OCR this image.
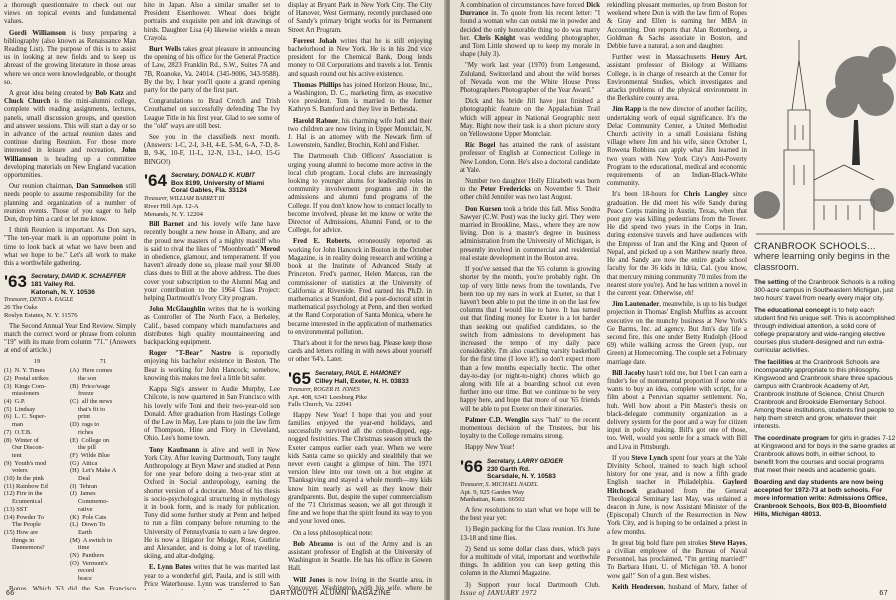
a thorough questionnaire to check out our views on topical events and fundamental values.

Gordi Williamson is busy preparing a bibliography (also known as Renaissance Man Reading List). The purpose of this is to assist us in looking at new fields and to keep us abreast of the growing literature in those areas where we once were knowledgeable, or thought so.

A great idea being created by Bob Katz and Chuck Church is the mini-alumni college, complete with reading assignments, lectures, panels, small discussion groups, and question and answer sessions. This will start a day or so in advance of the actual reunion dates and continue during Reunion. For those more interested in leisure and recreation, John Williamson is heading up a committee developing materials on New England vacation opportunities.

Our reunion chairman, Dan Samuelson still needs people to assume responsibility for the planning and organization of a number of reunion events. Those of you eager to help Don, drop him a card or let me know.

I think Reunion is important. As Don says, "The ten-year mark is an opportune point in time to look back at what we have been and what we hope to be." Let's all work to make this a worthwhile gathering.

'63 Secretary, DAVID K. SCHAEFFER
181 Valley Rd.
Katonah, N. Y. 10536
Treasurer, DENIS A. EAGLE
26 The Oaks
Roslyn Estates, N. Y. 11576

The Second Annual Year End Review. Simply match the correct word or phrase from column "19" with its mate from column "71." (Answers at end of article.)

19	71
(1)  N. Y. Times	(A)  Here comes
(2)  Postal strikes	the son
(3)  Kings Com-	(B)  Price/wage
missioners	freeze
(4)  G.P.	(C)  all the news
(5)  Lindsay	that's fit to
(6)  L. C. Super-	print
man	(D)  rags to
(7)  O.T.B.	riches
(8)  Winter of	(E)  College on
Our Discon-	the pill
tent	(F)  Wilde Blue
(9)  Youth's mod	(G)  Attica
voters	(H)  Let's Make A
(10) In the pink	Deal
(11) Rainbow Ed	(I)  Tehran
(12) Fire in the	(J)  James
Ecumenical	Commemo-
(13) SST	rative
(14) Powder To	(K)  Pole Cats
The People	(L)  Down To
(15) How are	Earth
things in	(M)  A switch in
Dannemora?	time
(N)  Panthers
(O)  Vermont's
record
brace

Bonus. Which '63 did the San Francisco

hito in Japan. Also a similar smaller set to President Eisenhower. Wheat does bright portraits and exquisite pen and ink drawings of birds. Daughter Lisa (4) likewise wields a mean Crayola.

Burt Wells takes great pleasure in announcing the opening of his office for the General Practice of Law, 2823 Franklin Rd., S.W., Suites 7A and 7B, Roanoke, Va. 24014. (345-9006, 343-9588). By the by, I hear you'll quote a grand opening party for the party of the first part.

Congratulations to Brad Crotch and Trish Crouthamel on successfully defending The Ivy League Title in his first year. Glad to see some of the "old" ways are still best.

See you in the classifieds next month. (Answers: 1-C, 2-I, 3-H, 4-E, 5-M, 6-A, 7-D, 8-B, 9-K, 10-F, 11-L, 12-N, 13-L, 14-O, 15-G BINGO!)

'64 Secretary, DONALD K. KUBIT
Box 8199, University of Miami
Coral Gables, Fla. 33124
Treasurer, WILLIAM BARRET III
River Hill Apt. 12-A
Menands, N. Y. 12204

Bill Barnet and his lovely wife Jane have recently bought a new house in Albany, and are the proud new masters of a mighty mastiff who is said to rival the likes of "Moonbreath" Merod in obedience, glamour, and temperament. If you haven't already done so, please mail your $8.00 class dues to Bill at the above address. The dues cover your subscription to the Alumni Mag and your contribution to the 1964 Class Project: helping Dartmouth's Ivory City program.

John McGlaughlin writes that he is working as Controller of The North Face, a Berkeley, Calif., based company which manufactures and distributes high quality mountaineering and backpacking equipment.

Roger "T-Bear" Nastro is reportedly enjoying his bachelor existence in Boston. The Bear is working for John Hancock; somehow, knowing this makes me feel a little bit safer.

Kappa Sig's answer to Audie Murphy, Lee Chilcote, is now quartered in San Francisco with his lovely wife Toni and their two-year-old son Donald. After graduation from Hastings College of the Law in May, Lee plans to join the law firm of Thompson, Hine and Flory in Cleveland, Ohio. Lee's home town.

Tony Kaufmann is alive and well in New York City. After leaving Dartmouth, Tony taught Anthropology at Bryn Mawr and studied at Penn for one year before doing a two-year stint at Oxford in Social anthropology, earning the shorter version of a doctorate. Most of his thesis is socio-psychological structuring in mythology it in book form, and is ready for publication. Tony did some further study at Penn and helped to run a film company before returning to the University of Pennsylvania to earn a law degree. He is now a litigator for Mudge, Rose, Guthrie and Alexander, and is doing a lot of traveling, skiing, and altar-dodging.

E. Lynn Bates writes that he was married last year to a wonderful girl, Paula, and is still with Price Waterhouse. Lynn was transferred to San

display at Bryant Park in New York City. The City of Hanover, West Germany, recently purchased one of Sandy's primary bright works for its Permanent Street Art Program.

Forrest Johah writes that he is still enjoying bachelorhood in New York. He is in his 2nd vice president for the Chemical Bank, Doug lends money to Oil Corporations and travels a lot. Tennis and squash round out his active existence.

Thomas Phillips has joined Horizon House, Inc., a Washington, D. C., marketing firm, as executive vice president. Tom is married to the former Kathryn S. Bamford and they live in Bethesda.

Harold Rabner, his charming wife Judi and their two children are now living in Upper Montclair, N. J. Hal is an attorney with the Newark firm of Lowenstein, Sandler, Brochin, Kohl and Fisher.

The Dartmouth Club Officers' Association is urging young alumni to become more active in the local club program. Local clubs are increasingly looking to younger alums for leadership roles in community involvement programs and in the admissions and alumni fund programs of the College. If you don't know how to contact locally to become involved, please let me know or write the Director of Admissions, Alumni Fund, or to the College, for advice.

Fred E. Roberts, erroneously reported as working for John Hancock in Boston in the October Magazine, is in reality doing research and writing a book at the Institute of Advanced Study at Princeton. Fred's partner, Helen Marcus, ran the commissioner of statistics at the University of California at Riverside. Fred earned his Ph.D. in mathematics at Stanford, did a post-doctoral stint in mathematical psychology at Penn, and then worked at the Rand Corporation of Santa Monica, where he became interested in the application of mathematics to environmental pollution.

That's about it for the news bag. Please keep those cards and letters rolling in with news about yourself or other '64's. Later.

'65 Secretary, PAUL E. HAMONEY
Cilley Hall, Exeter, N. H. 03833
Treasurer, ROGER H. JONES
Apt. 408, 6341 Leesburg Pike
Falls Church, Va. 22041

Happy New Year! I hope that you and your families enjoyed the year-end holidays, and successfully survived all the cotton-dipped, egg-nogged festivities. The Christmas season struck the Exeter campus earlier each year. When we were kids Santa came so quickly and stealthily that we never even caught a glimpse of him. The 1971 version blew into our town on a hot engine at Thanksgiving and stayed a whole month—my kids know him nearly as well as they know their grandparents. But, despite the super commercialism of the '71 Christmas season, we all got through it fine and we hope that the spirit found its way to you and your loved ones.

On a less philosophical note:

Bob Abramo is out of the Army and is an assistant professor of English at the University of Washington in Seattle. He has his office in Gowen Hall.

Wilf Jones is now living in the Seattle area, in Vancouver, Washington, with his wife, where he

66	DARTMOUTH ALUMNI MAGAZINE

A combination of circumstances have forced Dick Durrance in. To quote from his recent letter: "I found a woman who can outski me in powder and decided the only honorable thing to do was marry her. Chris Knight was wedding photographer, and Tom Little showed up to keep my morale in shape (July 3).

"My work last year (1970) from Lengesund, Zululand, Switzerland and about the wild horses of Nevada won me the White House Press Photographers Photographer of the Year Award."

Dick and his bride Jill have just finished a photographic feature on the Appalachian Trail which will appear in National Geographic next May. Right now their task is a short picture story on Yellowstone Upper Montclair.

Ric Bogel has attained the rank of assistant professor of English at Connecticut College in New London, Conn. He's also a doctoral candidate at Yale.

Number two daughter Holly Elizabeth was born to the Peter Fredericks on November 9. Their other child Jennifer was two last August.

Don Kursen took a bride this fall. Miss Sondra Sawyer (C.W. Post) was the lucky girl. They were married in Brookline, Mass., where they are now living. Don is a master's degree in business administration from the University of Michigan, is presently involved in commercial and residential real estate development in the Boston area.

If you've sensed that the '65 column is growing shorter by the month, you're probably right. On top of very little news from the townlands, I've been too up my ears in work at Exeter, so that I haven't been able to put the time in on the last few columns that I would like to have. It has turned out that finding money for Exeter is a lot harder than seeking out qualified candidates, so the switch from admissions to development has increased the tempo of my daily pace considerably. I'm also coaching varsity basketball for the first time (I love it!), so don't expect more than a few months especially hectic. The other day-to-day (or night-to-night) chores which go along with life at a boarding school cut even further into our time. But we continue to be very happy here, and hope that more of our '65 friends will be able to put Exeter on their itineraries.

Palmer C.D. Wenglin says "hah" to the recent momentous decision of the Trustees, but his loyalty to the College remains strong.

Happy New Year!

'66 Secretary, LARRY GEIGER
230 Garth Rd.
Scarsdale, N. Y. 10583
Treasurer, S. MICHAEL NADEL
Apt. 9, 925 Garden Way
Manhattan, Kans. 66502

A few resolutions to start what we hope will be the best year yet:

1) Begin packing for the Class reunion. It's June 13-18 and time flies.

2) Send us some dollar class dues, which pays for a multitude of vital, important and worthwhile things. In addition you can keep getting this column in the Alumni Magazine.

3) Support your local Dartmouth Club.

rekindling pleasant memories, up from Boston for weekend where Don is with the law firm of Ropes & Gray and Ellen is earning her MBA in Accounting. Don reports that Alan Rottenberg, a Goldman & Sachs associate in Boston, and Debbie have a natural, a son and daughter.

Further west in Massachusetts Henry Art, assistant professor of Biology at Williams College, is in charge of research at the Center for Environmental Studies, which investigates and attacks problems of the physical environment in the Berkshire county area.

Jim Rapp is the new director of another facility, undertaking work of equal significance. It's the Delac Community Center, a United Methodist Church activity in a small Louisiana fishing village where Jim and his wife, since October 1, Rowena Robbins can apply what Jim learned in two years with New York City's Anti-Poverty Program to the educational, medical and economic requirements of an Indian-Black-White community.

It's been 18-hours for Chris Langley since graduation. He did meet his wife Sandy during Peace Corps training in Austin, Texas, when that poor guy was killing pedestrians from the Tower. He did spend two years in the Corps in Iran, during extensive travels and have audiences with the Empress of Iran and the King and Queen of Nepal, and picked up a son Matthew nearly three. He and Sandy are now the entire grade school faculty for the 36 kids in Idria, Cal. (you know, that mercury mining community 70 miles from the nearest store you're). And he has written a novel in the current year. Otherwise, eh!

Jim Lautenader, meanwhile, is up to his budget projection in Thomas' English Muffins as account executive on the munchy business at New York's Ge Barms, Inc. ad agency. But Jim's day life a second fire, this one under Betty Rudolph (Hood 69) while walking across the Green (yup, our Green) at Homecoming. The couple set a February marriage date.

Bill Jacoby hasn't told me, but I bet I can earn a finder's fee of monumental proportion if some one wants to buy an idea, complete with script, for a film about a Peruvian squatter settlement. No, huh. Well how about a Pitt Master's thesis on black-delegate community organization as a delivery system for the poor and a way for citizen input in policy making. Bill's got one of those, too. Well, would you settle for a smack with Bill and Liva in Pittsburgh.

If you Steve Lynch spent four years at the Yale Divinity School, trained to teach high school history for one year, and is now a fifth grade English teacher in Philadelphia. Gaylord Hitchcock graduated from the General Theological Seminary last May, was ordained a deacon in June, is now Assistant Minister of the (Episcopal) Church of the Resurrection in New York City, and is hoping to be ordained a priest in a few months.

In great big bold flare pen strokes Steve Hayes, a civilian employee of the Bureau of Naval Personnel, has proclaimed, "I'm getting married!" To Barbara Hunt, U. of Michigan '69. A honor wow gal!" Son of a gun. Best wishes.

Keith Henderson, husband of Mary, father of

CRANBROOK SCHOOLS...
where learning only begins in the classroom.

The setting of the Cranbrook Schools is a rolling 300-acre campus in Southeastern Michigan, just two hours' travel from nearly every major city.

The educational concept is to help each student find his unique self. This is accomplished through individual attention, a solid core of college preparatory and wide-ranging elective courses plus student-designed and run extra-curricular activities.

The facilities at the Cranbrook Schools are incomparably appropriate to this philosophy. Kingswood and Cranbrook share three spacious campus with Cranbrook Academy of Art, Cranbrook Institute of Science, Christ Church Cranbrook and Brookside Elementary School. Among these institutions, students find people to help them stretch and grow, whatever their interests.

The coordinate program for girls in grades 7-12 at Kingswood and for boys in the same grades at Cranbrook allows both, in either school, to benefit from the courses and social programs that meet their needs and academic goals.

Boarding and day students are now being accepted for 1972-73 at both schools. For more information write: Admissions Office, Cranbrook Schools, Box 803-B, Bloomfield Hills, Michigan 48013.

Issue of JANUARY 1972	67
